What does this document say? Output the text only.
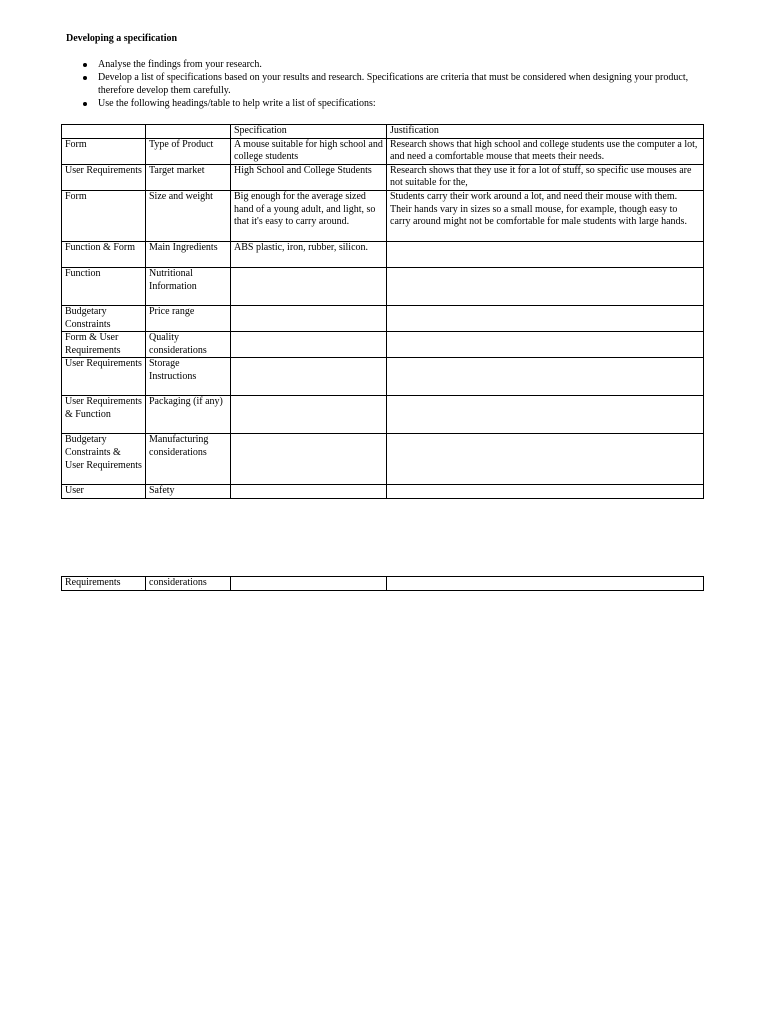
Developing a specification
Analyse the findings from your research.
Develop a list of specifications based on your results and research. Specifications are criteria that must be considered when designing your product, therefore develop them carefully.
Use the following headings/table to help write a list of specifications:
		Specification	Justification
Form	Type of Product	A mouse suitable for high school and college students	Research shows that high school and college students use the computer a lot, and need a comfortable mouse that meets their needs.
User Requirements	Target market	High School and College Students	Research shows that they use it for a lot of stuff, so specific use mouses are not suitable for the,
Form	Size and weight	Big enough for the average sized hand of a young adult, and light, so that it's easy to carry around.	Students carry their work around a lot, and need their mouse with them. Their hands vary in sizes so a small mouse, for example, though easy to carry around might not be comfortable for male students with large hands.
Function & Form	Main Ingredients	ABS plastic, iron, rubber, silicon.	
Function	Nutritional Information		
Budgetary Constraints	Price range		
Form & User Requirements	Quality considerations		
User Requirements	Storage Instructions		
User Requirements & Function	Packaging (if any)		
Budgetary Constraints & User Requirements	Manufacturing considerations		
User	Safety		
Requirements	considerations		
